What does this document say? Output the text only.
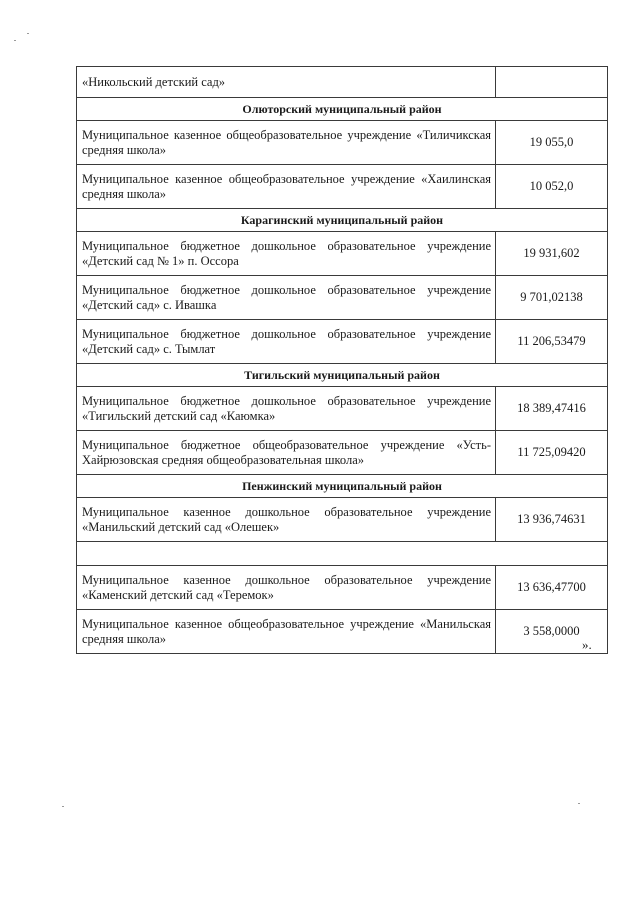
«Никольский детский сад»	
Олюторский муниципальный район	
Муниципальное казенное общеобразовательное учреждение «Тиличикская средняя школа»	19 055,0
Муниципальное казенное общеобразовательное учреждение «Хаилинская средняя школа»	10 052,0
Карагинский муниципальный район	
Муниципальное бюджетное дошкольное образовательное учреждение «Детский сад № 1» п. Оссора	19 931,602
Муниципальное бюджетное дошкольное образовательное учреждение «Детский сад» с. Ивашка	9 701,02138
Муниципальное бюджетное дошкольное образовательное учреждение «Детский сад» с. Тымлат	11 206,53479
Тигильский муниципальный район	
Муниципальное бюджетное дошкольное образовательное учреждение «Тигильский детский сад «Каюмка»	18 389,47416
Муниципальное бюджетное общеобразовательное учреждение «Усть-Хайрюзовская средняя общеобразовательная школа»	11 725,09420
Пенжинский муниципальный район	
Муниципальное казенное дошкольное образовательное учреждение «Манильский детский сад «Олешек»	13 936,74631

Муниципальное казенное дошкольное образовательное учреждение «Каменский детский сад «Теремок»	13 636,47700
Муниципальное казенное общеобразовательное учреждение «Манильская средняя школа»	3 558,0000
».
